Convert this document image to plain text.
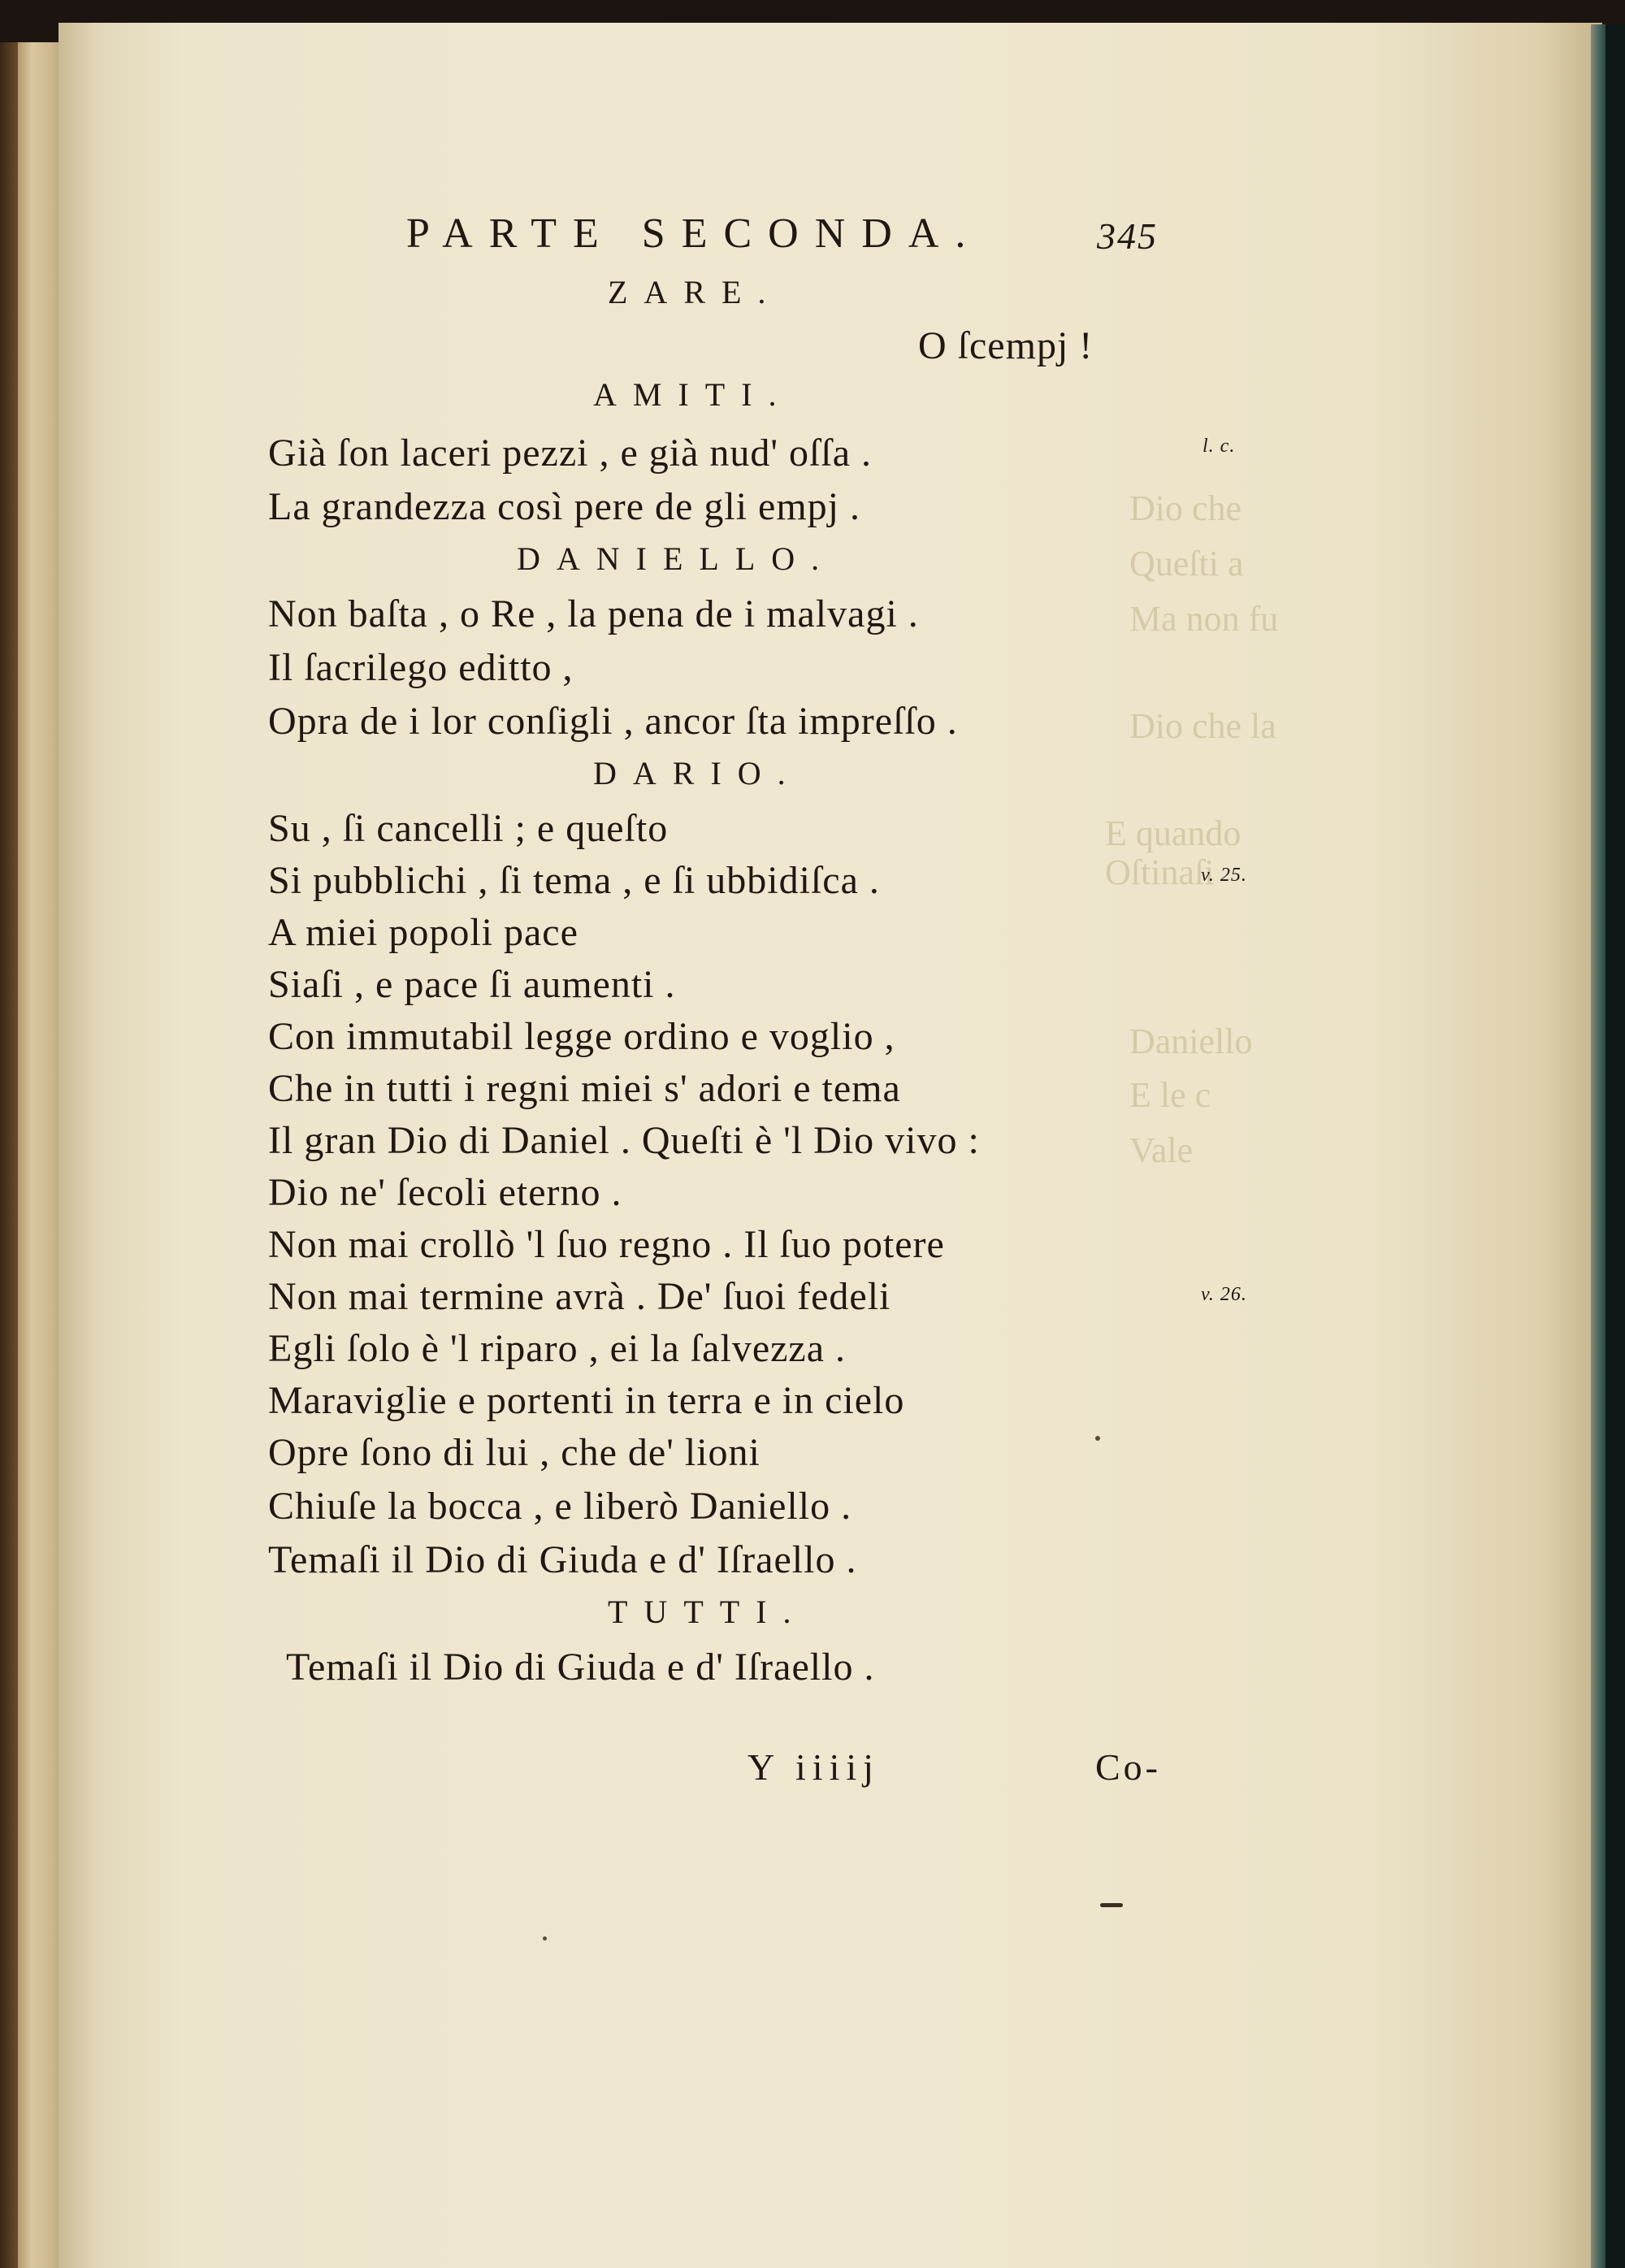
Dio che
Queſti a
Ma non fu
Dio che la
E quando
Oſtinaſi
Daniello
E le c
Vale
PARTE SECONDA.	345
ZARE.
O ſcempj !
AMITI.
Già ſon laceri pezzi , e già nud' oſſa .
La grandezza così pere de gli empj .
DANIELLO.
Non baſta , o Re , la pena de i malvagi .
Il ſacrilego editto ,
Opra de i lor conſigli , ancor ſta impreſſo .
DARIO.
Su , ſi cancelli ; e queſto
Si pubblichi , ſi tema , e ſi ubbidiſca .
A miei popoli pace
Siaſi , e pace ſi aumenti .
Con immutabil legge ordino e voglio ,
Che in tutti i regni miei s' adori e tema
Il gran Dio di Daniel . Queſti è 'l Dio vivo :
Dio ne' ſecoli eterno .
Non mai crollò 'l ſuo regno . Il ſuo potere
Non mai termine avrà . De' ſuoi fedeli
Egli ſolo è 'l riparo , ei la ſalvezza .
Maraviglie e portenti in terra e in cielo
Opre ſono di lui , che de' lioni
Chiuſe la bocca , e liberò Daniello .
Temaſi il Dio di Giuda e d' Iſraello .
TUTTI.
Temaſi il Dio di Giuda e d' Iſraello .
l. c.
v. 25.
v. 26.
Y iiiij	Co-
